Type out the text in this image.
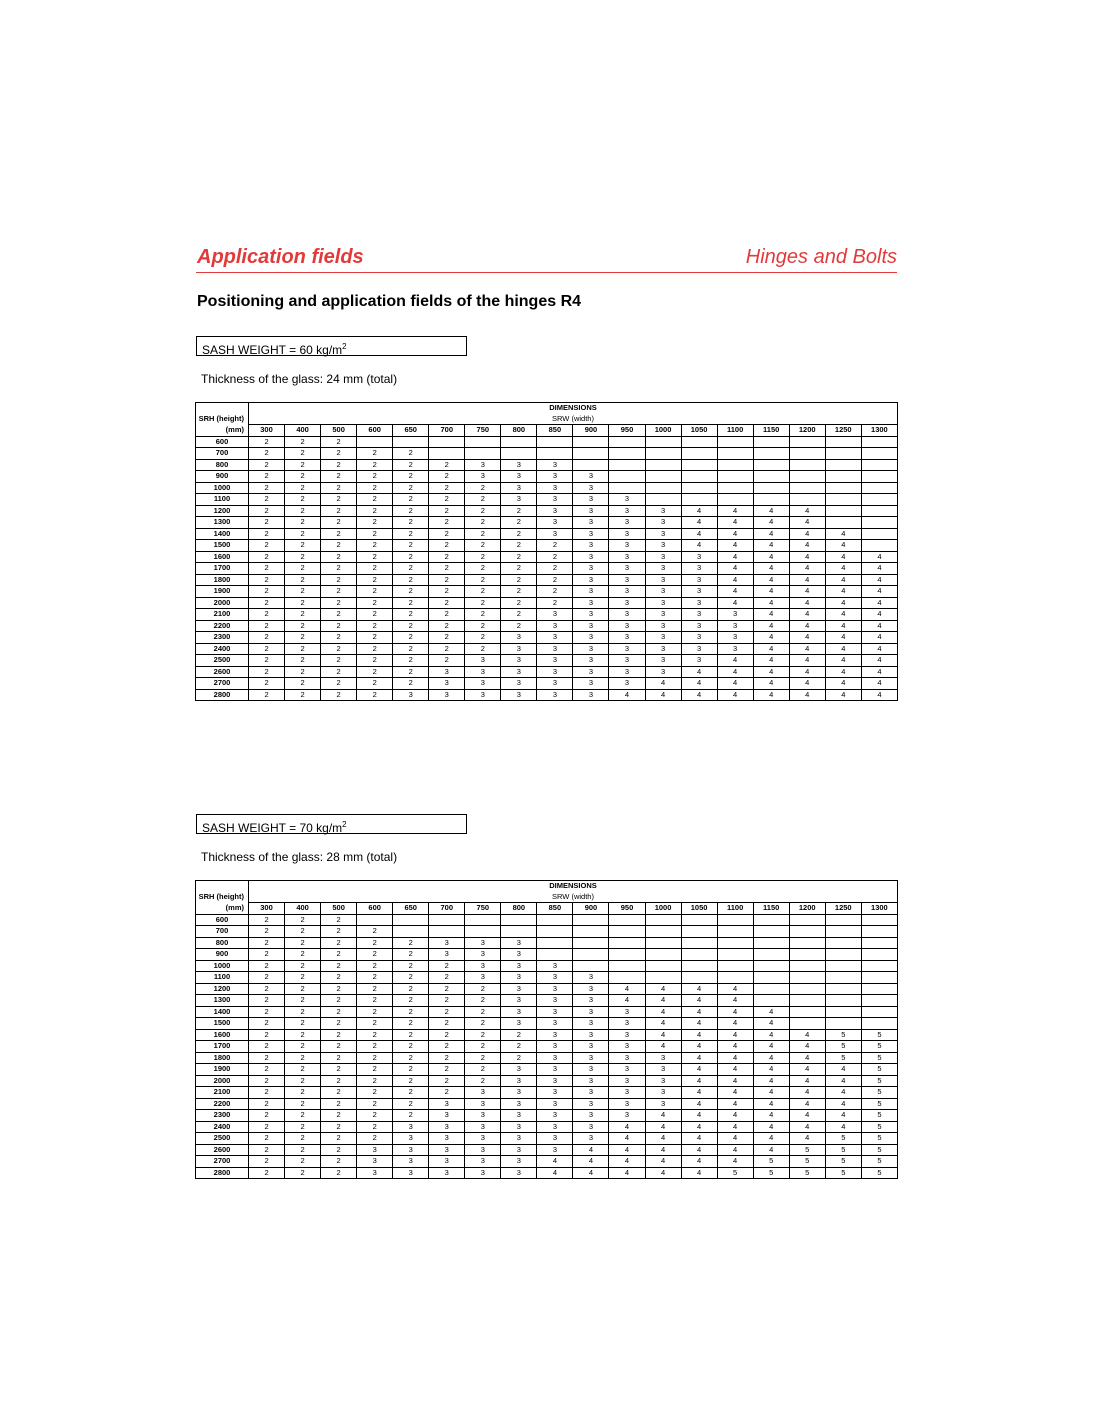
Application fields	Hinges and Bolts
Positioning and application fields of the hinges R4
SASH WEIGHT = 60 $kg/m^2$
Thickness of the glass: 24 mm (total)
	DIMENSIONS																	
SRH (height)	SRW (width)																	
(mm)	300	400	500	600	650	700	750	800	850	900	950	1000	1050	1100	1150	1200	1250	1300
600	2	2	2															
700	2	2	2	2	2													
800	2	2	2	2	2	2	3	3	3									
900	2	2	2	2	2	2	3	3	3	3								
1000	2	2	2	2	2	2	2	3	3	3								
1100	2	2	2	2	2	2	2	3	3	3	3							
1200	2	2	2	2	2	2	2	2	3	3	3	3	4	4	4	4		
1300	2	2	2	2	2	2	2	2	3	3	3	3	4	4	4	4		
1400	2	2	2	2	2	2	2	2	3	3	3	3	4	4	4	4	4	
1500	2	2	2	2	2	2	2	2	2	3	3	3	4	4	4	4	4	
1600	2	2	2	2	2	2	2	2	2	3	3	3	3	4	4	4	4	4
1700	2	2	2	2	2	2	2	2	2	3	3	3	3	4	4	4	4	4
1800	2	2	2	2	2	2	2	2	2	3	3	3	3	4	4	4	4	4
1900	2	2	2	2	2	2	2	2	2	3	3	3	3	4	4	4	4	4
2000	2	2	2	2	2	2	2	2	2	3	3	3	3	4	4	4	4	4
2100	2	2	2	2	2	2	2	2	3	3	3	3	3	3	4	4	4	4
2200	2	2	2	2	2	2	2	2	3	3	3	3	3	3	4	4	4	4
2300	2	2	2	2	2	2	2	3	3	3	3	3	3	3	4	4	4	4
2400	2	2	2	2	2	2	2	3	3	3	3	3	3	3	4	4	4	4
2500	2	2	2	2	2	2	3	3	3	3	3	3	3	4	4	4	4	4
2600	2	2	2	2	2	3	3	3	3	3	3	3	4	4	4	4	4	4
2700	2	2	2	2	2	3	3	3	3	3	3	4	4	4	4	4	4	4
2800	2	2	2	2	3	3	3	3	3	3	4	4	4	4	4	4	4	4
SASH WEIGHT = 70 $kg/m^2$
Thickness of the glass: 28 mm (total)
	DIMENSIONS																	
SRH (height)	SRW (width)																	
(mm)	300	400	500	600	650	700	750	800	850	900	950	1000	1050	1100	1150	1200	1250	1300
600	2	2	2															
700	2	2	2	2														
800	2	2	2	2	2	3	3	3										
900	2	2	2	2	2	3	3	3										
1000	2	2	2	2	2	2	3	3	3									
1100	2	2	2	2	2	2	3	3	3	3								
1200	2	2	2	2	2	2	2	3	3	3	4	4	4	4				
1300	2	2	2	2	2	2	2	3	3	3	4	4	4	4				
1400	2	2	2	2	2	2	2	3	3	3	3	4	4	4	4			
1500	2	2	2	2	2	2	2	3	3	3	3	4	4	4	4			
1600	2	2	2	2	2	2	2	2	3	3	3	4	4	4	4	4	5	5
1700	2	2	2	2	2	2	2	2	3	3	3	4	4	4	4	4	5	5
1800	2	2	2	2	2	2	2	2	3	3	3	3	4	4	4	4	5	5
1900	2	2	2	2	2	2	2	3	3	3	3	3	4	4	4	4	4	5
2000	2	2	2	2	2	2	2	3	3	3	3	3	4	4	4	4	4	5
2100	2	2	2	2	2	2	3	3	3	3	3	3	4	4	4	4	4	5
2200	2	2	2	2	2	3	3	3	3	3	3	3	4	4	4	4	4	5
2300	2	2	2	2	2	3	3	3	3	3	3	4	4	4	4	4	4	5
2400	2	2	2	2	3	3	3	3	3	3	4	4	4	4	4	4	4	5
2500	2	2	2	2	3	3	3	3	3	3	4	4	4	4	4	4	5	5
2600	2	2	2	3	3	3	3	3	3	4	4	4	4	4	4	5	5	5
2700	2	2	2	3	3	3	3	3	4	4	4	4	4	4	5	5	5	5
2800	2	2	2	3	3	3	3	3	4	4	4	4	4	5	5	5	5	5
